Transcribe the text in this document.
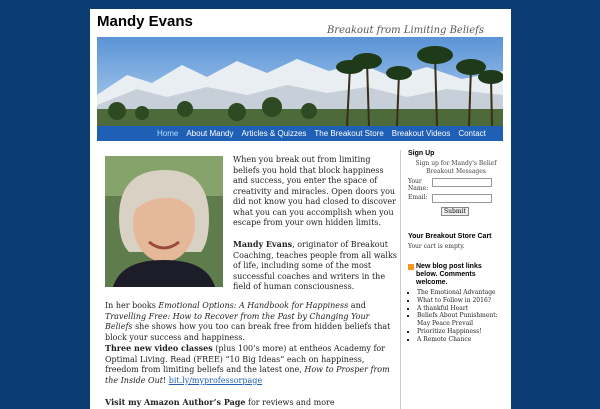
Mandy Evans
Breakout from Limiting Beliefs
Home About Mandy Articles & Quizzes The Breakout Store Breakout Videos Contact

When you break out from limiting beliefs you hold that block happiness and success, you enter the space of creativity and miracles. Open doors you did not know you had closed to discover what you can you accomplish when you escape from your own hidden limits.

Mandy Evans, originator of Breakout Coaching, teaches people from all walks of life, including some of the most successful coaches and writers in the field of human consciousness.

In her books Emotional Options: A Handbook for Happiness and Travelling Free: How to Recover from the Past by Changing Your Beliefs she shows how you too can break free from hidden beliefs that block your success and happiness.

Three new video classes (plus 100’s more) at entheos Academy for Optimal Living. Read (FREE) “10 Big Ideas” each on happiness, freedom from limiting beliefs and the latest one, How to Prosper from the Inside Out! bit.ly/myprofessorpage

Visit my Amazon Author’s Page for reviews and more

Sign Up
Sign up for Mandy's Belief Breakout Messages
Your Name:
Email:
Submit
Your Breakout Store Cart
Your cart is empty.
New blog post links below. Comments welcome.
▪ The Emotional Advantage
▪ What to Follow in 2016?
▪ A thankful Heart
▪ Beliefs About Punishment: May Peace Prevail
▪ Prioritize Happiness!
▪ A Remote Chance
